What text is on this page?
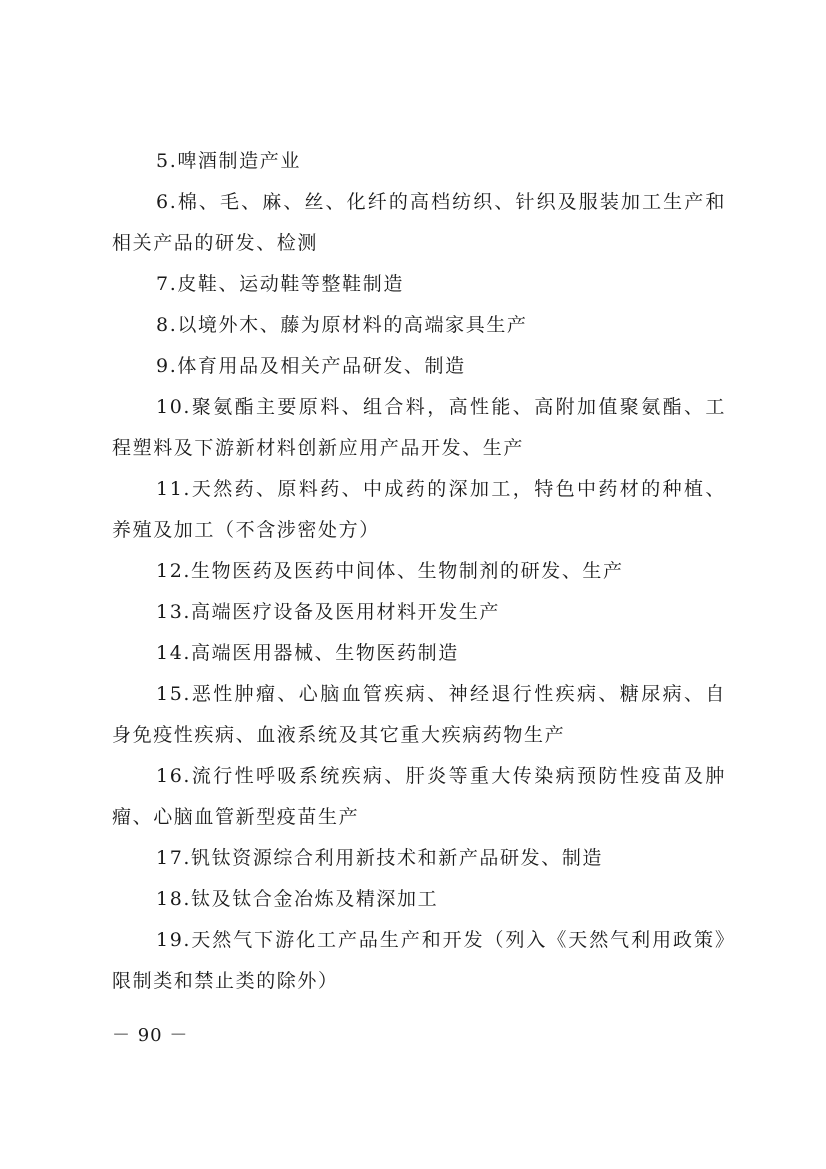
5.啤酒制造产业

6.棉、毛、麻、丝、化纤的高档纺织、针织及服装加工生产和相关产品的研发、检测

7.皮鞋、运动鞋等整鞋制造

8.以境外木、藤为原材料的高端家具生产

9.体育用品及相关产品研发、制造

10.聚氨酯主要原料、组合料，高性能、高附加值聚氨酯、工程塑料及下游新材料创新应用产品开发、生产

11.天然药、原料药、中成药的深加工，特色中药材的种植、养殖及加工（不含涉密处方）

12.生物医药及医药中间体、生物制剂的研发、生产

13.高端医疗设备及医用材料开发生产

14.高端医用器械、生物医药制造

15.恶性肿瘤、心脑血管疾病、神经退行性疾病、糖尿病、自身免疫性疾病、血液系统及其它重大疾病药物生产

16.流行性呼吸系统疾病、肝炎等重大传染病预防性疫苗及肿瘤、心脑血管新型疫苗生产

17.钒钛资源综合利用新技术和新产品研发、制造

18.钛及钛合金冶炼及精深加工

19.天然气下游化工产品生产和开发（列入《天然气利用政策》限制类和禁止类的除外）

－ 90 －
